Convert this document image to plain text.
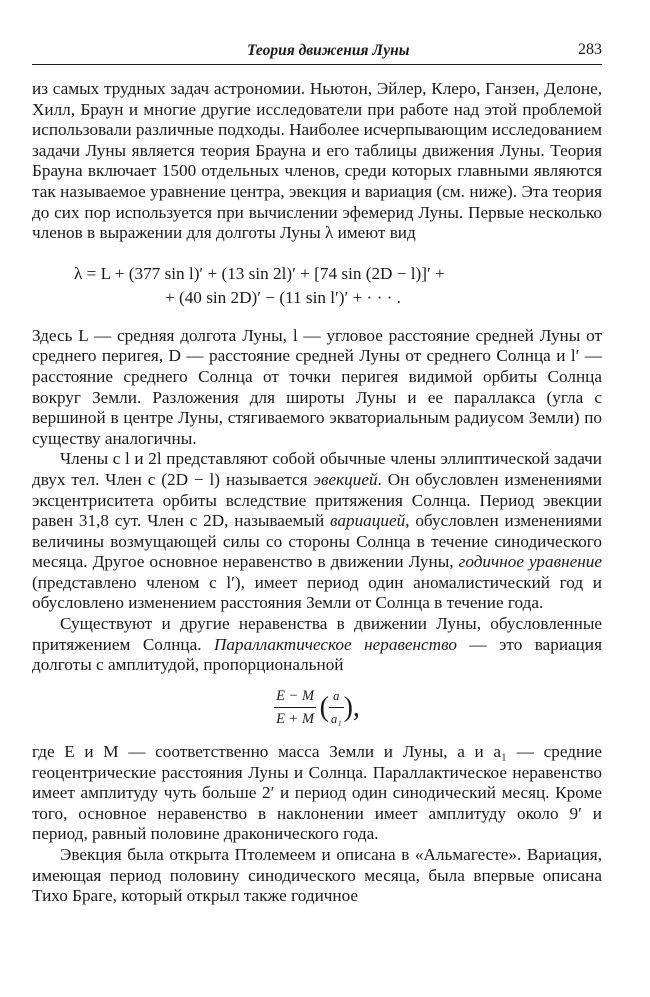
Теория движения Луны	283

из самых трудных задач астрономии. Ньютон, Эйлер, Клеро, Ганзен, Делоне, Хилл, Браун и многие другие исследователи при работе над этой проблемой использовали различные подходы. Наиболее исчерпывающим исследованием задачи Луны является теория Брауна и его таблицы движения Луны. Теория Брауна включает 1500 отдельных членов, среди которых главными являются так называемое уравнение центра, эвекция и вариация (см. ниже). Эта теория до сих пор используется при вычислении эфемерид Луны. Первые несколько членов в выражении для долготы Луны λ имеют вид

λ = L + (377 sin l)′ + (13 sin 2l)′ + [74 sin (2D − l)]′ +
+ (40 sin 2D)′ − (11 sin l′)′ + · · · .

Здесь L — средняя долгота Луны, l — угловое расстояние средней Луны от среднего перигея, D — расстояние средней Луны от среднего Солнца и l′ — расстояние среднего Солнца от точки перигея видимой орбиты Солнца вокруг Земли. Разложения для широты Луны и ее параллакса (угла с вершиной в центре Луны, стягиваемого экваториальным радиусом Земли) по существу аналогичны.

Члены с l и 2l представляют собой обычные члены эллиптической задачи двух тел. Член с (2D − l) называется эвекцией. Он обусловлен изменениями эксцентриситета орбиты вследствие притяжения Солнца. Период эвекции равен 31,8 сут. Член с 2D, называемый вариацией, обусловлен изменениями величины возмущающей силы со стороны Солнца в течение синодического месяца. Другое основное неравенство в движении Луны, годичное уравнение (представлено членом с l′), имеет период один аномалистический год и обусловлено изменением расстояния Земли от Солнца в течение года.

Существуют и другие неравенства в движении Луны, обусловленные притяжением Солнца. Параллактическое неравенство — это вариация долготы с амплитудой, пропорциональной

$\frac{E - M}{E + M}$ ( $\frac{a}{\text{a₁}}$ ),

где E и M — соответственно масса Земли и Луны, a и a₁ — средние геоцентрические расстояния Луны и Солнца. Параллактическое неравенство имеет амплитуду чуть больше 2′ и период один синодический месяц. Кроме того, основное неравенство в наклонении имеет амплитуду около 9′ и период, равный половине драконического года.

Эвекция была открыта Птолемеем и описана в «Альмагесте». Вариация, имеющая период половину синодического месяца, была впервые описана Тихо Браге, который открыл также годичное
